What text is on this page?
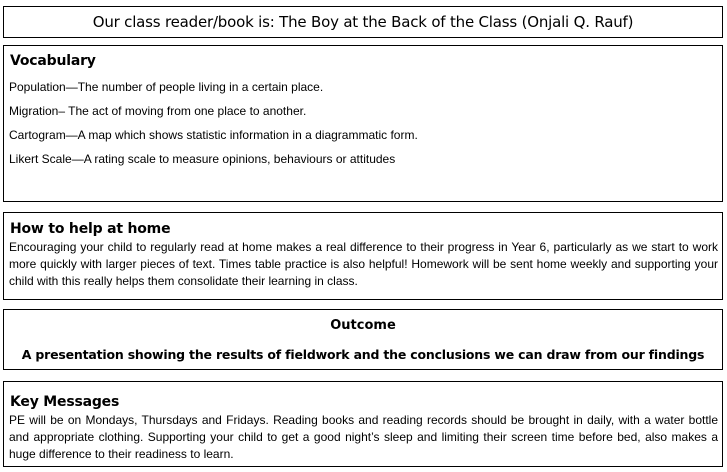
Our class reader/book is: The Boy at the Back of the Class (Onjali Q. Rauf)
Vocabulary
Population—The number of people living in a certain place.
Migration– The act of moving from one place to another.
Cartogram—A map which shows statistic information in a diagrammatic form.
Likert Scale—A rating scale to measure opinions, behaviours or attitudes
How to help at home
Encouraging your child to regularly read at home makes a real difference to their progress in Year 6, particularly as we start to work more quickly with larger pieces of text. Times table practice is also helpful! Homework will be sent home weekly and supporting your child with this really helps them consolidate their learning in class.
Outcome
A presentation showing the results of fieldwork and the conclusions we can draw from our findings
Key Messages
PE will be on Mondays, Thursdays and Fridays. Reading books and reading records should be brought in daily, with a water bottle and appropriate clothing. Supporting your child to get a good night’s sleep and limiting their screen time before bed, also makes a huge difference to their readiness to learn.
